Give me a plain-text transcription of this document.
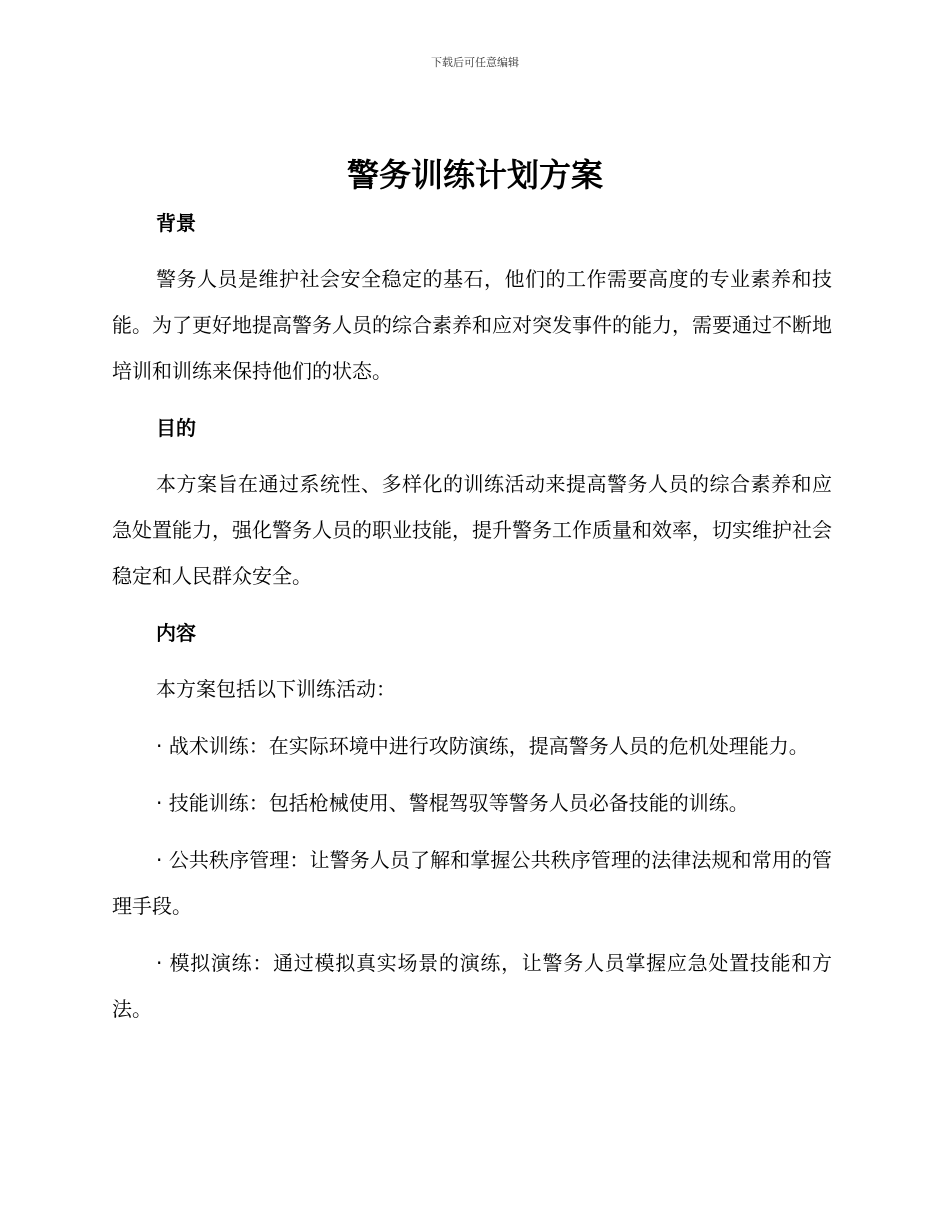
下载后可任意编辑
警务训练计划方案
背景

警务人员是维护社会安全稳定的基石，他们的工作需要高度的专业素养和技能。为了更好地提高警务人员的综合素养和应对突发事件的能力，需要通过不断地培训和训练来保持他们的状态。

目的

本方案旨在通过系统性、多样化的训练活动来提高警务人员的综合素养和应急处置能力，强化警务人员的职业技能，提升警务工作质量和效率，切实维护社会稳定和人民群众安全。

内容

本方案包括以下训练活动：

· 战术训练：在实际环境中进行攻防演练，提高警务人员的危机处理能力。

· 技能训练：包括枪械使用、警棍驾驭等警务人员必备技能的训练。

· 公共秩序管理：让警务人员了解和掌握公共秩序管理的法律法规和常用的管理手段。

· 模拟演练：通过模拟真实场景的演练，让警务人员掌握应急处置技能和方法。
